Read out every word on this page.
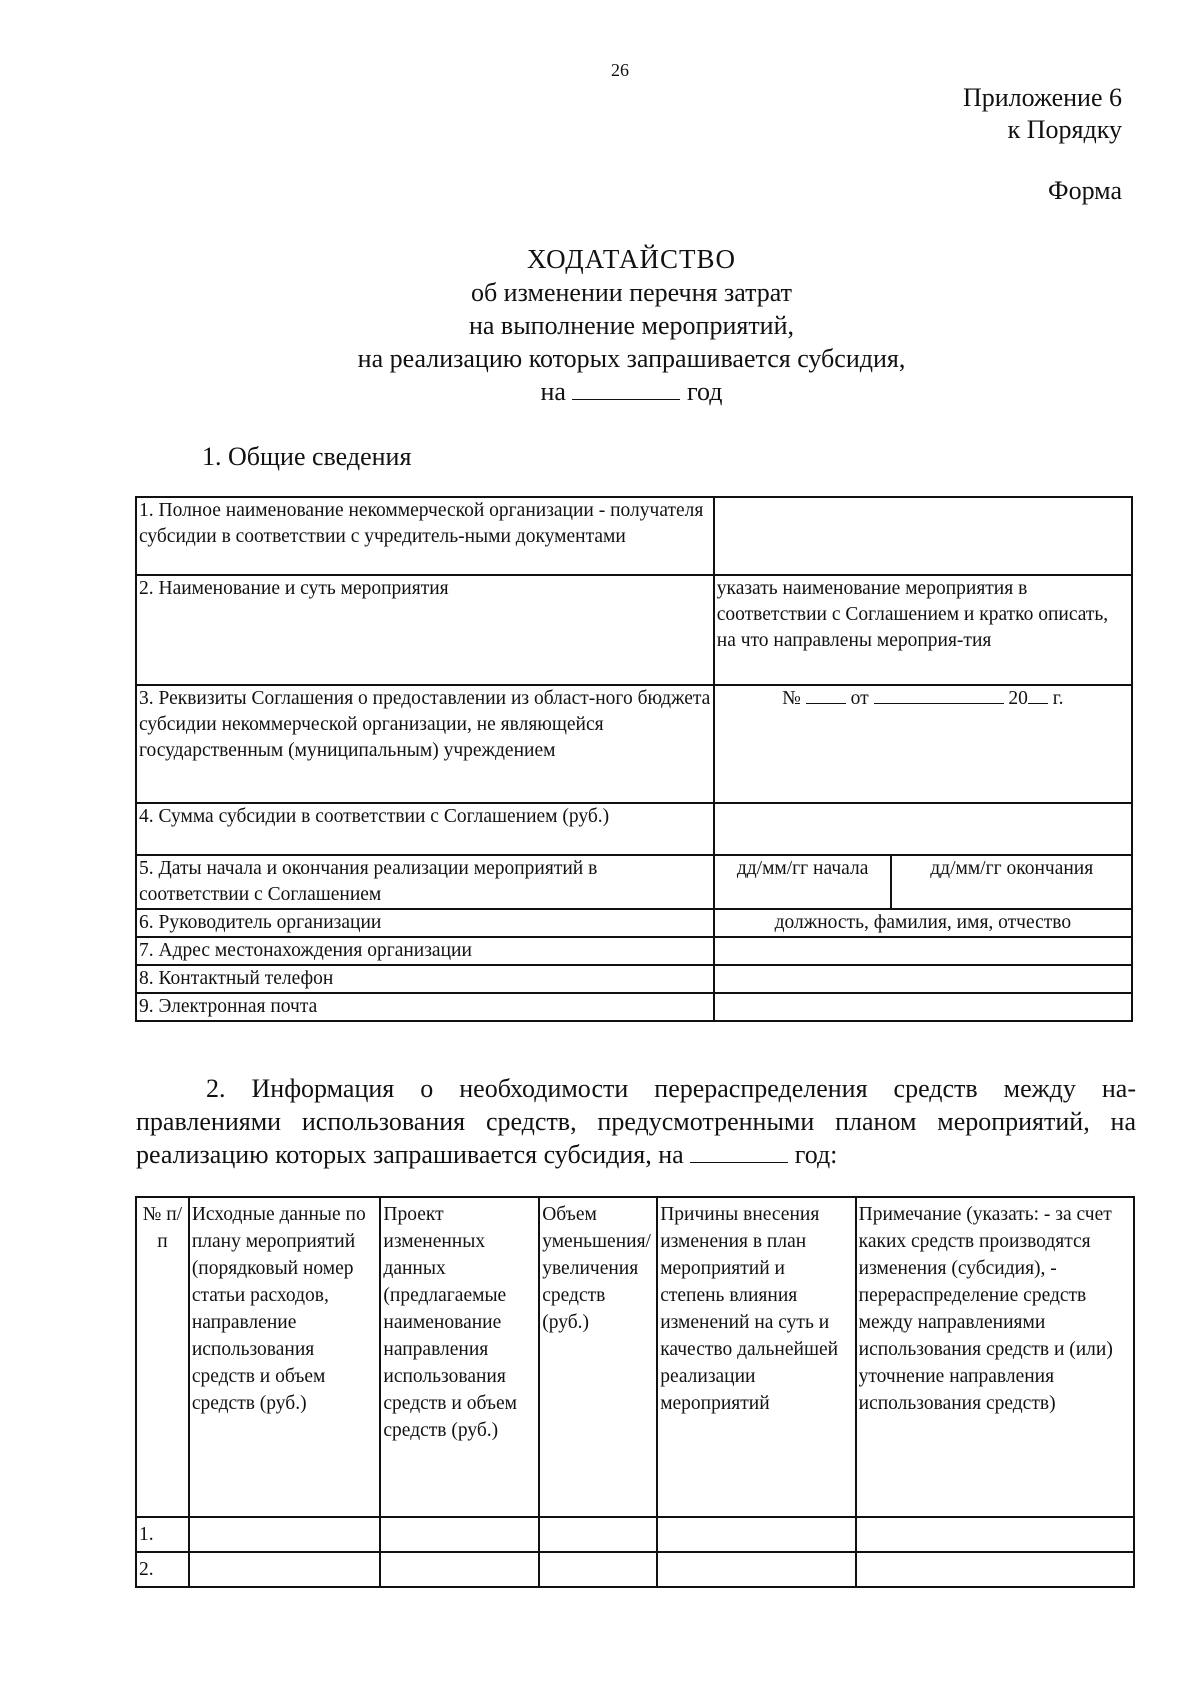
26
Приложение 6
к Порядку
Форма
ХОДАТАЙСТВО
об изменении перечня затрат
на выполнение мероприятий,
на реализацию которых запрашивается субсидия,
на	год
1. Общие сведения
1. Полное наименование некоммерческой организации - получателя субсидии в соответствии с учредитель-ными документами		
2. Наименование и суть мероприятия	указать наименование мероприятия в соответствии с Соглашением и кратко описать, на что направлены мероприя-тия	
3. Реквизиты Соглашения о предоставлении из област-ного бюджета субсидии некоммерческой организации, не являющейся государственным (муниципальным) учреждением	№ от 20 г.	
4. Сумма субсидии в соответствии с Соглашением (руб.)		
5. Даты начала и окончания реализации мероприятий в соответствии с Соглашением	дд/мм/гг начала	дд/мм/гг окончания
6. Руководитель организации	должность, фамилия, имя, отчество	
7. Адрес местонахождения организации		
8. Контактный телефон		
9. Электронная почта		
2. Информация о необходимости перераспределения средств между на-правлениями использования средств, предусмотренными планом мероприятий, на реализацию которых запрашивается субсидия, на	год:
№ п/п	Исходные данные по плану мероприятий (порядковый номер статьи расходов, направление использования средств и объем средств (руб.)	Проект измененных данных (предлагаемые наименование направления использования средств и объем средств (руб.)	Объем уменьшения/увеличения средств (руб.)	Причины внесения изменения в план мероприятий и степень влияния изменений на суть и качество дальнейшей реализации мероприятий	Примечание (указать: - за счет каких средств производятся изменения (субсидия), - перераспределение средств между направлениями использования средств и (или) уточнение направления использования средств)
1.					
2.					
